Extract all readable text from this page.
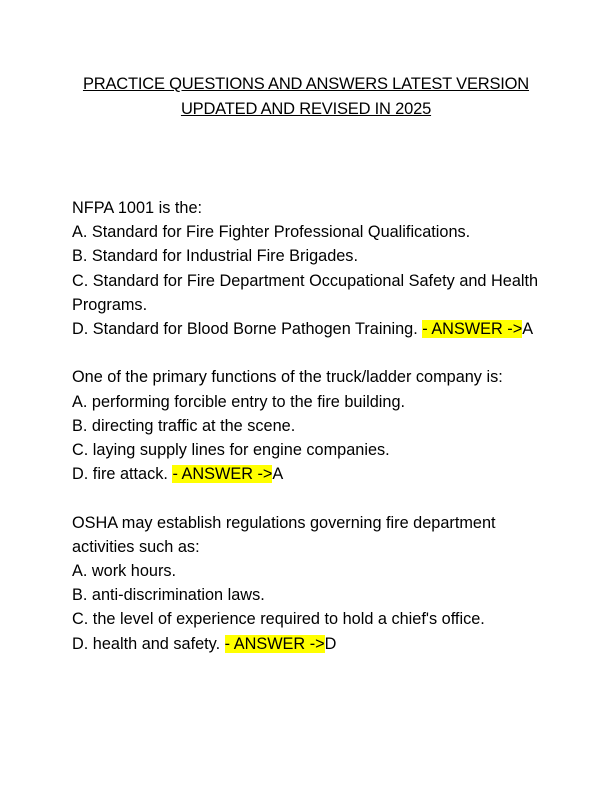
PRACTICE QUESTIONS AND ANSWERS LATEST VERSION
UPDATED AND REVISED IN 2025
NFPA 1001 is the:
A. Standard for Fire Fighter Professional Qualifications.
B. Standard for Industrial Fire Brigades.
C. Standard for Fire Department Occupational Safety and Health Programs.
D. Standard for Blood Borne Pathogen Training. - ANSWER ->A
One of the primary functions of the truck/ladder company is:
A. performing forcible entry to the fire building.
B. directing traffic at the scene.
C. laying supply lines for engine companies.
D. fire attack. - ANSWER ->A
OSHA may establish regulations governing fire department activities such as:
A. work hours.
B. anti-discrimination laws.
C. the level of experience required to hold a chief's office.
D. health and safety. - ANSWER ->D
